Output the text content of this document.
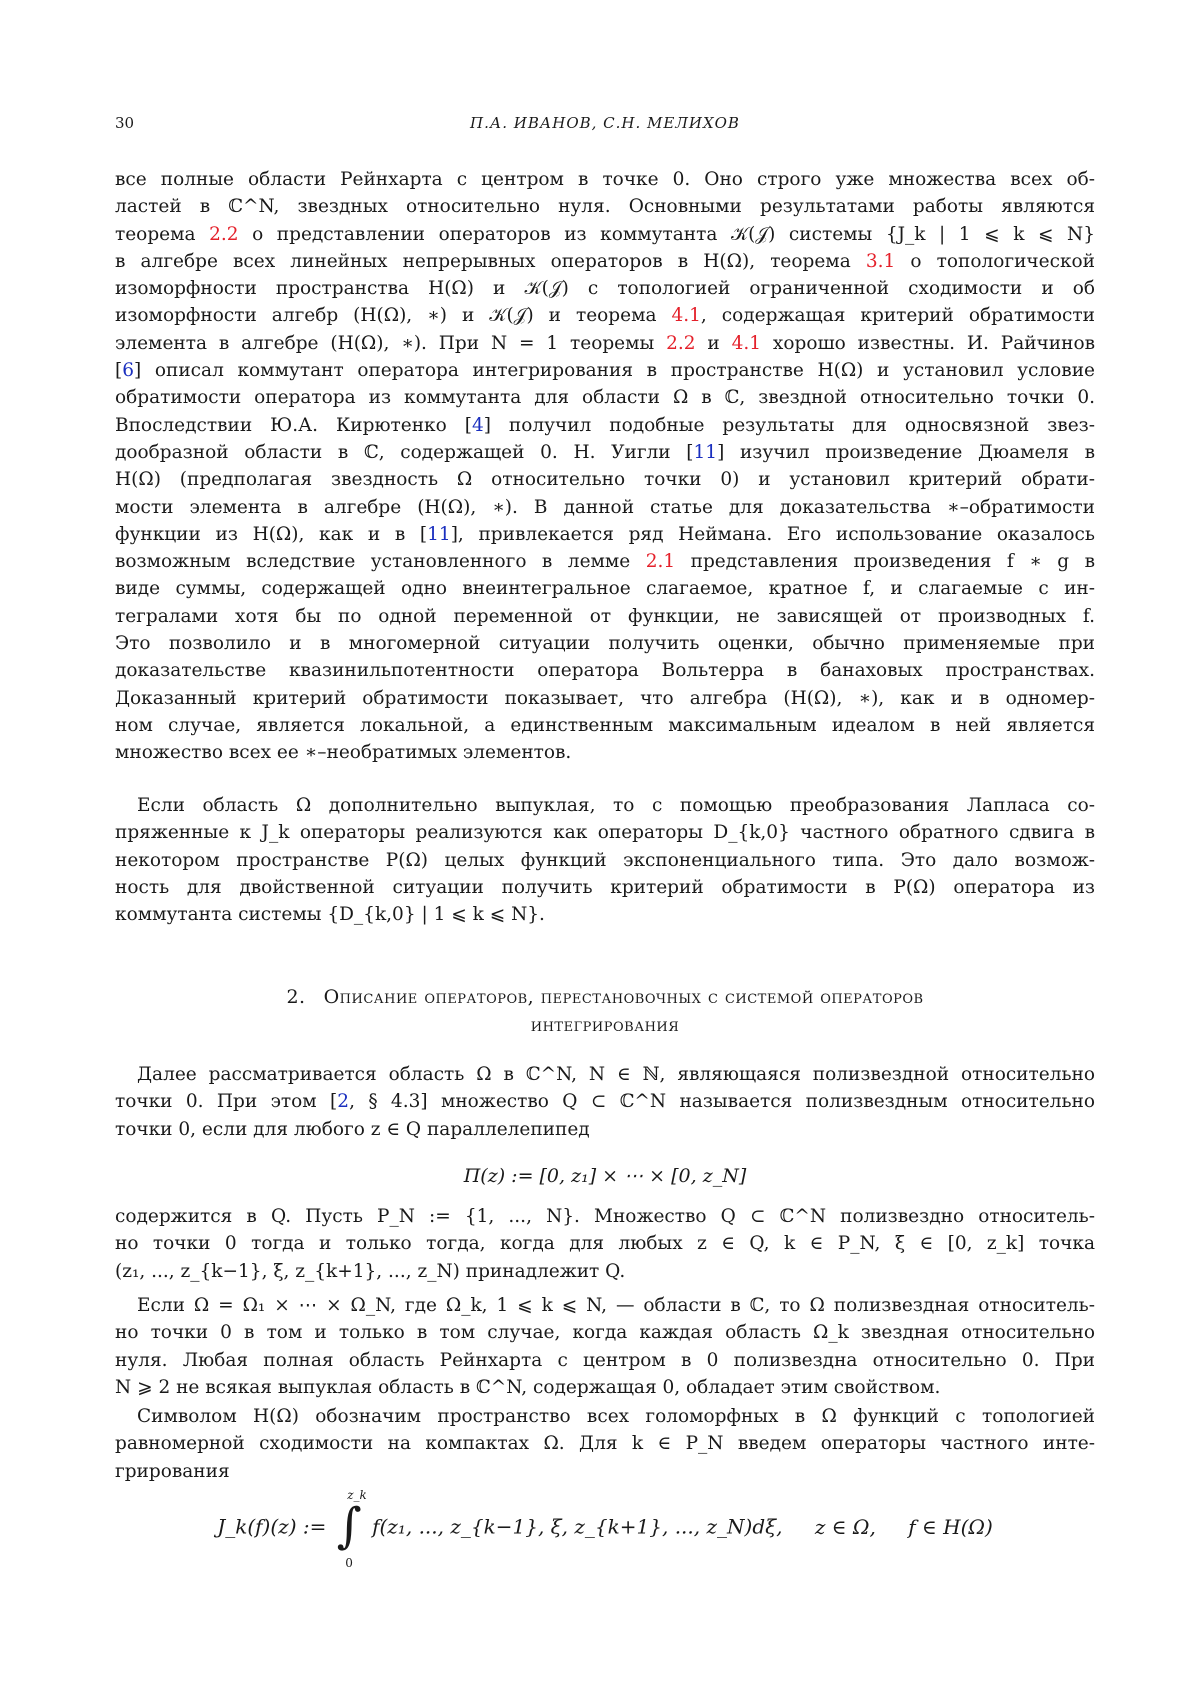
30	П.А. ИВАНОВ, С.Н. МЕЛИХОВ
все полные области Рейнхарта с центром в точке 0. Оно строго уже множества всех об-
ластей в ℂ^N, звездных относительно нуля. Основными результатами работы являются
теорема 2.2 о представлении операторов из коммутанта 𝒦(𝒥) системы {J_k | 1 ⩽ k ⩽ N}
в алгебре всех линейных непрерывных операторов в H(Ω), теорема 3.1 о топологической
изоморфности пространства H(Ω) и 𝒦(𝒥) с топологией ограниченной сходимости и об
изоморфности алгебр (H(Ω), ∗) и 𝒦(𝒥) и теорема 4.1, содержащая критерий обратимости
элемента в алгебре (H(Ω), ∗). При N = 1 теоремы 2.2 и 4.1 хорошо известны. И. Райчинов
[6] описал коммутант оператора интегрирования в пространстве H(Ω) и установил условие
обратимости оператора из коммутанта для области Ω в ℂ, звездной относительно точки 0.
Впоследствии Ю.А. Кирютенко [4] получил подобные результаты для односвязной звез-
дообразной области в ℂ, содержащей 0. Н. Уигли [11] изучил произведение Дюамеля в
H(Ω) (предполагая звездность Ω относительно точки 0) и установил критерий обрати-
мости элемента в алгебре (H(Ω), ∗). В данной статье для доказательства ∗–обратимости
функции из H(Ω), как и в [11], привлекается ряд Неймана. Его использование оказалось
возможным вследствие установленного в лемме 2.1 представления произведения f ∗ g в
виде суммы, содержащей одно внеинтегральное слагаемое, кратное f, и слагаемые с ин-
тегралами хотя бы по одной переменной от функции, не зависящей от производных f.
Это позволило и в многомерной ситуации получить оценки, обычно применяемые при
доказательстве квазинильпотентности оператора Вольтерра в банаховых пространствах.
Доказанный критерий обратимости показывает, что алгебра (H(Ω), ∗), как и в одномер-
ном случае, является локальной, а единственным максимальным идеалом в ней является
множество всех ее ∗–необратимых элементов.
Если область Ω дополнительно выпуклая, то с помощью преобразования Лапласа со-
пряженные к J_k операторы реализуются как операторы D_{k,0} частного обратного сдвига в
некотором пространстве P(Ω) целых функций экспоненциального типа. Это дало возмож-
ность для двойственной ситуации получить критерий обратимости в P(Ω) оператора из
коммутанта системы {D_{k,0} | 1 ⩽ k ⩽ N}.
2. Описание операторов, перестановочных с системой операторов
интегрирования
Далее рассматривается область Ω в ℂ^N, N ∈ ℕ, являющаяся полизвездной относительно
точки 0. При этом [2, § 4.3] множество Q ⊂ ℂ^N называется полизвездным относительно
точки 0, если для любого z ∈ Q параллелепипед
Π(z) := [0, z₁] × ⋯ × [0, z_N]
содержится в Q. Пусть P_N := {1, ..., N}. Множество Q ⊂ ℂ^N полизвездно относитель-
но точки 0 тогда и только тогда, когда для любых z ∈ Q, k ∈ P_N, ξ ∈ [0, z_k] точка
(z₁, ..., z_{k−1}, ξ, z_{k+1}, ..., z_N) принадлежит Q.
Если Ω = Ω₁ × ⋯ × Ω_N, где Ω_k, 1 ⩽ k ⩽ N, — области в ℂ, то Ω полизвездная относитель-
но точки 0 в том и только в том случае, когда каждая область Ω_k звездная относительно
нуля. Любая полная область Рейнхарта с центром в 0 полизвездна относительно 0. При
N ⩾ 2 не всякая выпуклая область в ℂ^N, содержащая 0, обладает этим свойством.
Символом H(Ω) обозначим пространство всех голоморфных в Ω функций с топологией
равномерной сходимости на компактах Ω. Для k ∈ P_N введем операторы частного инте-
грирования
J_k(f)(z) := ∫
z_k
0
f(z₁, ..., z_{k−1}, ξ, z_{k+1}, ..., z_N)dξ, z ∈ Ω, f ∈ H(Ω)
